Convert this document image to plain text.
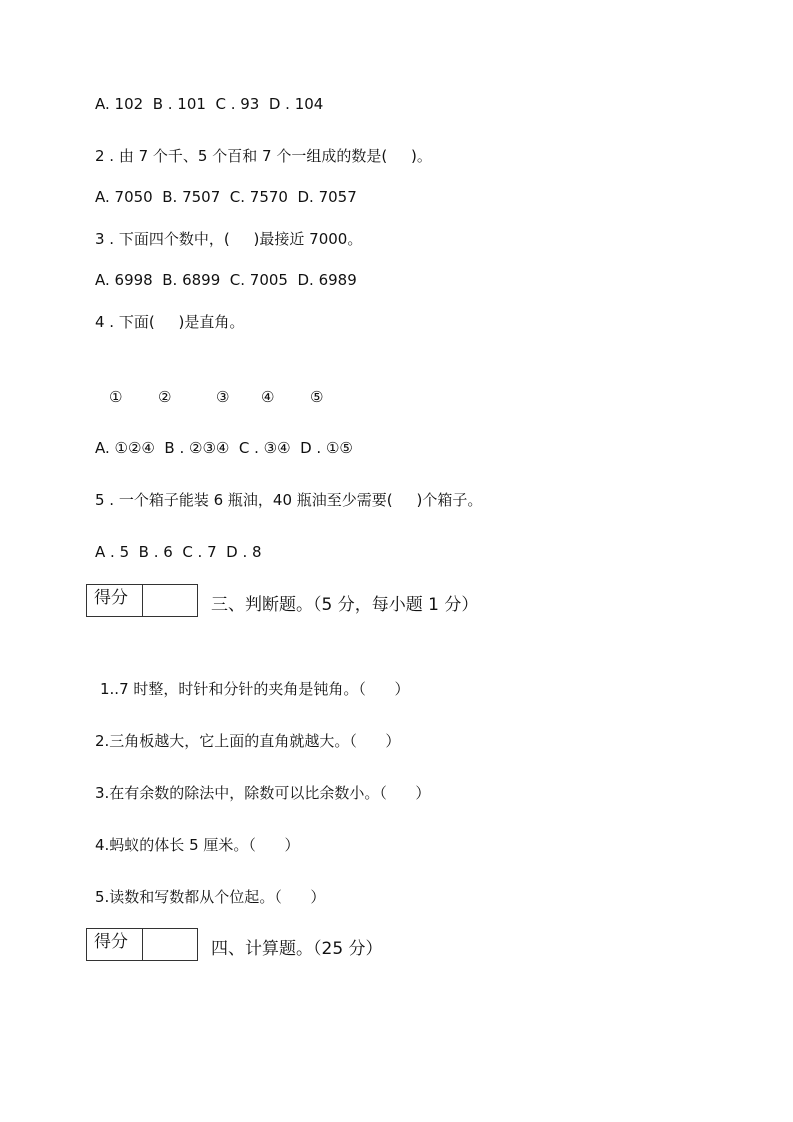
A. 102  B . 101  C . 93  D . 104
2 . 由 7 个千、5 个百和 7 个一组成的数是(     )。
A. 7050  B. 7507  C. 7570  D. 7057
3 . 下面四个数中，(     )最接近 7000。
A. 6998  B. 6899  C. 7005  D. 6989
4 . 下面(     )是直角。
① ②	③ ④ ⑤
A. ①②④  B . ②③④  C . ③④  D . ①⑤
5 . 一个箱子能装 6 瓶油，40 瓶油至少需要(     )个箱子。
A . 5  B . 6  C . 7  D . 8
得分	三、判断题。（5 分，每小题 1 分）
1..7 时整，时针和分针的夹角是钝角。（      ）
2.三角板越大，它上面的直角就越大。（      ）
3.在有余数的除法中，除数可以比余数小。（      ）
4.蚂蚁的体长 5 厘米。（      ）
5.读数和写数都从个位起。（      ）
得分	四、计算题。（25 分）
